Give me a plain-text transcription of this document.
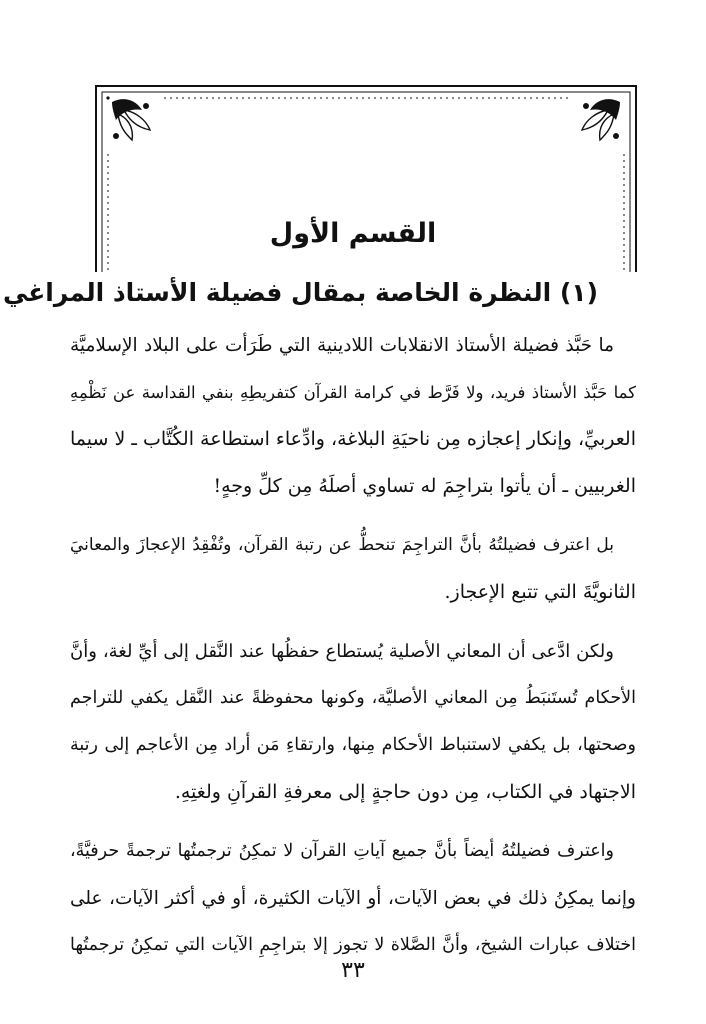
القسم الأول
(١) النظرة الخاصة بمقال فضيلة الأستاذ المراغي
ما حَبَّذ فضيلة الأستاذ الانقلابات اللادينية التي طَرَأت على البلاد الإسلاميَّة
كما حَبَّذ الأستاذ فريد، ولا فَرَّط في كرامة القرآن كتفريطِهِ بنفي القداسة عن نَظْمِهِ
العربيِّ، وإنكار إعجازه مِن ناحيَةِ البلاغة، وادِّعاء استطاعة الكُتَّاب ـ لا سيما
الغربيين ـ أن يأتوا بتراجِمَ له تساوي أصلَهُ مِن كلِّ وجهٍ!
بل اعترف فضيلتُهُ بأنَّ التراجِمَ تنحطُّ عن رتبة القرآن، وتُفْقِدُ الإعجازَ والمعانيَ
الثانويَّةَ التي تتبع الإعجاز.
ولكن ادَّعى أن المعاني الأصلية يُستطاع حفظُها عند النَّقل إلى أيِّ لغة، وأنَّ
الأحكام تُستَنبَطُ مِن المعاني الأصليَّة، وكونها محفوظةً عند النَّقل يكفي للتراجم
وصحتها، بل يكفي لاستنباط الأحكام مِنها، وارتقاءِ مَن أراد مِن الأعاجم إلى رتبة
الاجتهاد في الكتاب، مِن دون حاجةٍ إلى معرفةِ القرآنِ ولغتِهِ.
واعترف فضيلتُهُ أيضاً بأنَّ جميع آياتِ القرآن لا تمكِنُ ترجمتُها ترجمةً حرفيَّةً،
وإنما يمكِنُ ذلك في بعض الآيات، أو الآيات الكثيرة، أو في أكثر الآيات، على
اختلاف عبارات الشيخ، وأنَّ الصَّلاة لا تجوز إلا بتراجِمِ الآيات التي تمكِنُ ترجمتُها
٣٣
